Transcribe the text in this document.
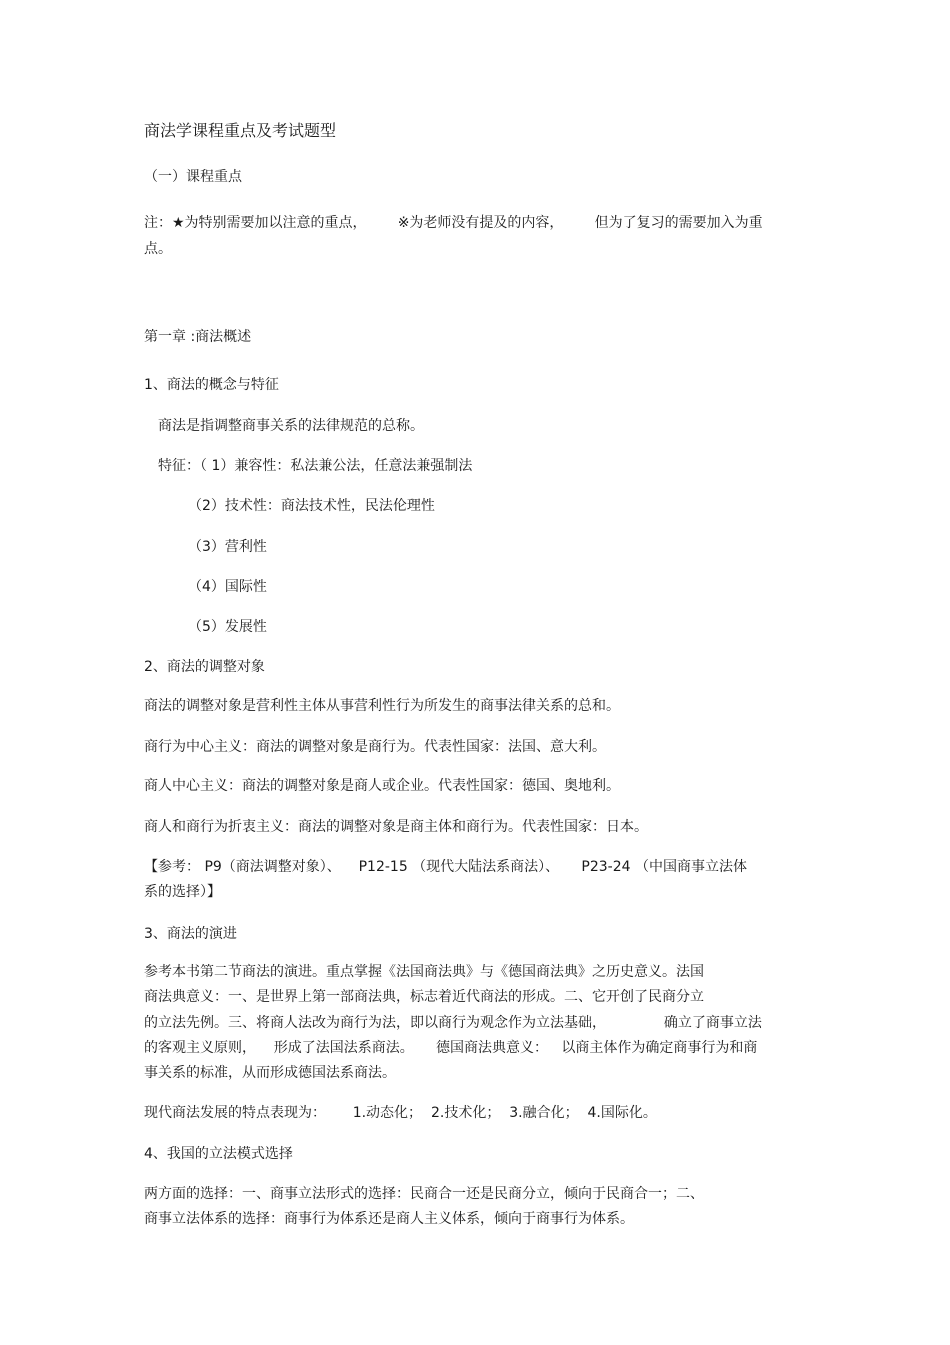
商法学课程重点及考试题型
（一）课程重点
注：★为特别需要加以注意的重点，       ※为老师没有提及的内容，       但为了复习的需要加入为重
点。
第一章 :商法概述
1、商法的概念与特征
商法是指调整商事关系的法律规范的总称。
特征：（ 1）兼容性：私法兼公法，任意法兼强制法
（2）技术性：商法技术性，民法伦理性
（3）营利性
（4）国际性
（5）发展性
2、商法的调整对象
商法的调整对象是营利性主体从事营利性行为所发生的商事法律关系的总和。
商行为中心主义：商法的调整对象是商行为。代表性国家：法国、意大利。
商人中心主义：商法的调整对象是商人或企业。代表性国家：德国、奥地利。
商人和商行为折衷主义：商法的调整对象是商主体和商行为。代表性国家：日本。
【参考： P9（商法调整对象）、    P12-15 （现代大陆法系商法）、     P23-24 （中国商事立法体
系的选择）】
3、商法的演进
参考本书第二节商法的演进。重点掌握《法国商法典》与《德国商法典》之历史意义。法国
商法典意义：一、是世界上第一部商法典，标志着近代商法的形成。二、它开创了民商分立
的立法先例。三、将商人法改为商行为法，即以商行为观念作为立法基础，             确立了商事立法
的客观主义原则，    形成了法国法系商法。     德国商法典意义：   以商主体作为确定商事行为和商
事关系的标准，从而形成德国法系商法。
现代商法发展的特点表现为：      1.动态化；  2.技术化；  3.融合化；  4.国际化。
4、我国的立法模式选择
两方面的选择：一、商事立法形式的选择：民商合一还是民商分立，倾向于民商合一；二、
商事立法体系的选择：商事行为体系还是商人主义体系，倾向于商事行为体系。
